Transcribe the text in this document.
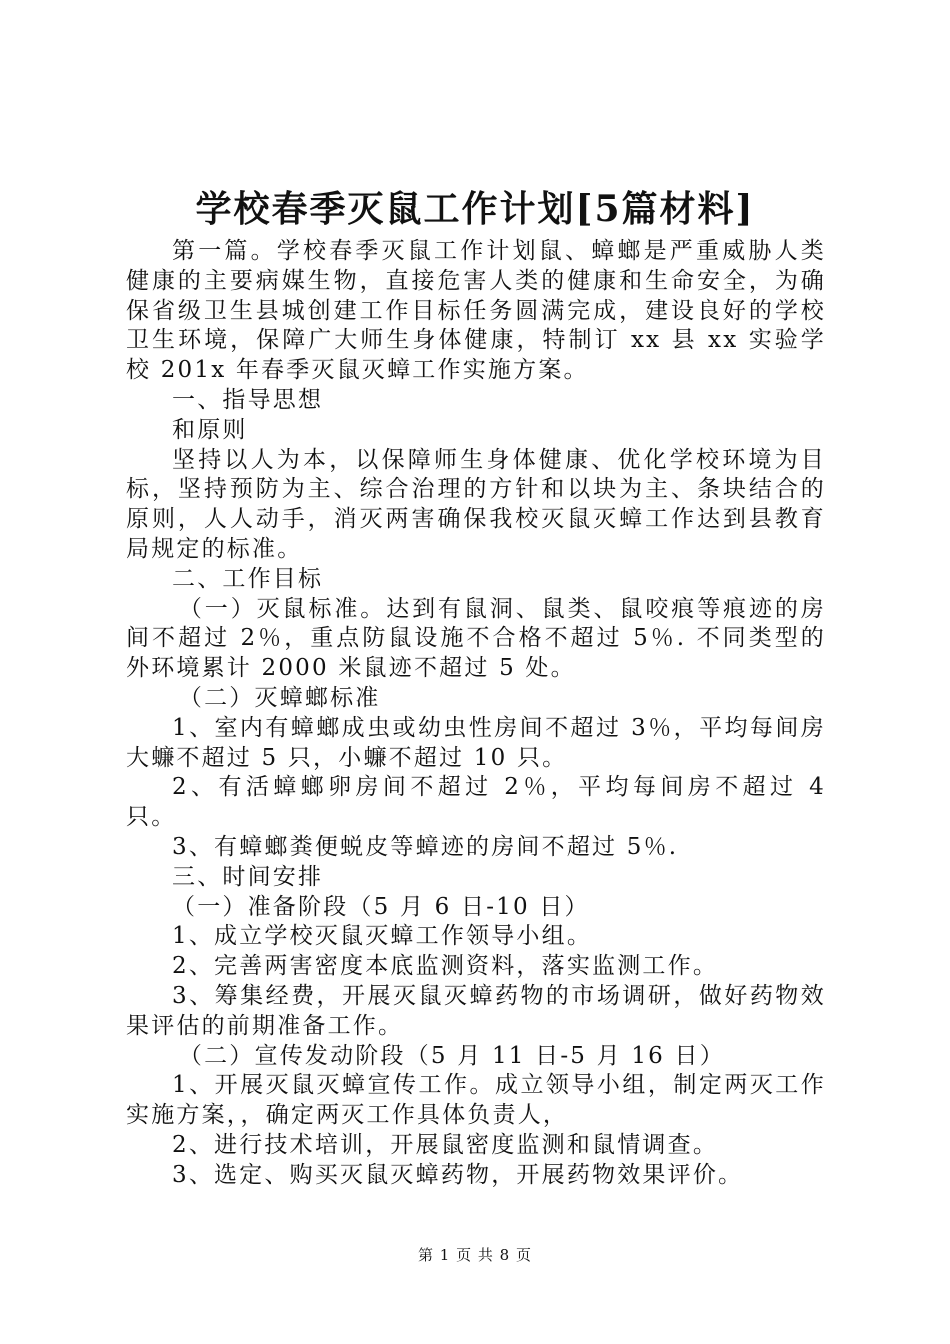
学校春季灭鼠工作计划[5篇材料]

第一篇。学校春季灭鼠工作计划鼠、蟑螂是严重威胁人类健康的主要病媒生物，直接危害人类的健康和生命安全，为确保省级卫生县城创建工作目标任务圆满完成，建设良好的学校卫生环境，保障广大师生身体健康，特制订 xx 县 xx 实验学校 201x 年春季灭鼠灭蟑工作实施方案。

一、指导思想

和原则

坚持以人为本，以保障师生身体健康、优化学校环境为目标，坚持预防为主、综合治理的方针和以块为主、条块结合的原则，人人动手，消灭两害确保我校灭鼠灭蟑工作达到县教育局规定的标准。

二、工作目标

（一）灭鼠标准。达到有鼠洞、鼠类、鼠咬痕等痕迹的房间不超过 2％，重点防鼠设施不合格不超过 5％. 不同类型的外环境累计 2000 米鼠迹不超过 5 处。

（二）灭蟑螂标准

1、室内有蟑螂成虫或幼虫性房间不超过 3％，平均每间房大蠊不超过 5 只，小蠊不超过 10 只。

2、有活蟑螂卵房间不超过 2％，平均每间房不超过 4 只。

3、有蟑螂粪便蜕皮等蟑迹的房间不超过 5％.

三、时间安排

（一）准备阶段（5 月 6 日-10 日）

1、成立学校灭鼠灭蟑工作领导小组。

2、完善两害密度本底监测资料，落实监测工作。

3、筹集经费，开展灭鼠灭蟑药物的市场调研，做好药物效果评估的前期准备工作。

（二）宣传发动阶段（5 月 11 日-5 月 16 日）

1、开展灭鼠灭蟑宣传工作。成立领导小组，制定两灭工作实施方案，，确定两灭工作具体负责人，

2、进行技术培训，开展鼠密度监测和鼠情调查。

3、选定、购买灭鼠灭蟑药物，开展药物效果评价。

第 1 页 共 8 页
